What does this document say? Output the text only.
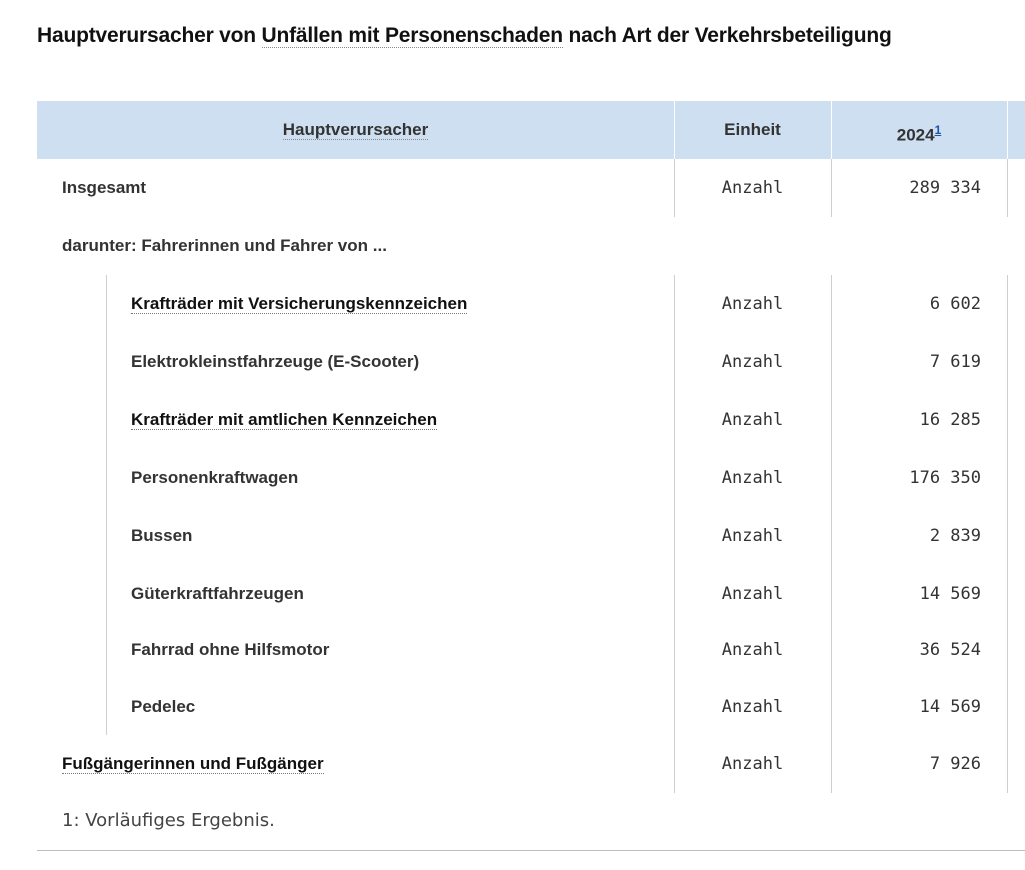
Hauptverursacher von Unfällen mit Personenschaden nach Art der Verkehrsbeteiligung
Hauptverursacher	Einheit	2024$^1$
Insgesamt	Anzahl	289 334
darunter: Fahrerinnen und Fahrer von ...
Krafträder mit Versicherungskennzeichen	Anzahl	6 602
Elektrokleinstfahrzeuge (E-Scooter)	Anzahl	7 619
Krafträder mit amtlichen Kennzeichen	Anzahl	16 285
Personenkraftwagen	Anzahl	176 350
Bussen	Anzahl	2 839
Güterkraftfahrzeugen	Anzahl	14 569
Fahrrad ohne Hilfsmotor	Anzahl	36 524
Pedelec	Anzahl	14 569
Fußgängerinnen und Fußgänger	Anzahl	7 926
1: Vorläufiges Ergebnis.
